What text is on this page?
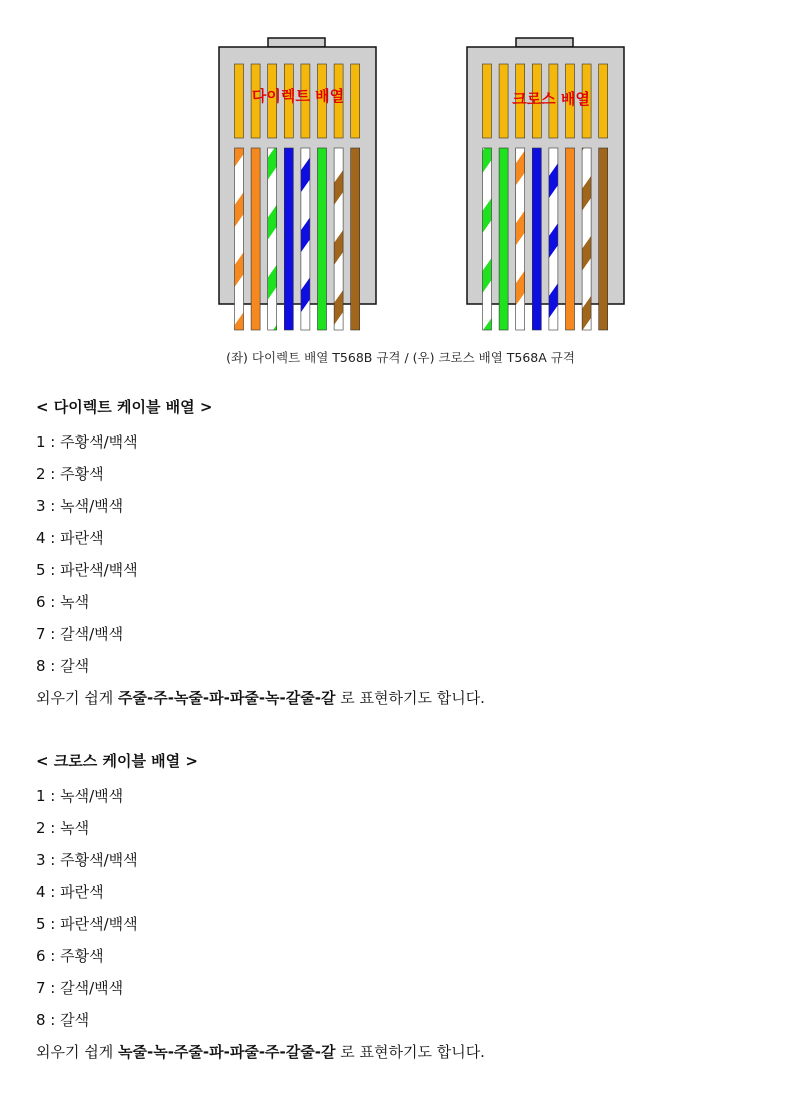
다이렉트 배열	크로스 배열
(좌) 다이렉트 배열 T568B 규격 / (우) 크로스 배열 T568A 규격
< 다이렉트 케이블 배열 >
1 : 주황색/백색
2 : 주황색
3 : 녹색/백색
4 : 파란색
5 : 파란색/백색
6 : 녹색
7 : 갈색/백색
8 : 갈색
외우기 쉽게 주줄-주-녹줄-파-파줄-녹-갈줄-갈 로 표현하기도 합니다.
< 크로스 케이블 배열 >
1 : 녹색/백색
2 : 녹색
3 : 주황색/백색
4 : 파란색
5 : 파란색/백색
6 : 주황색
7 : 갈색/백색
8 : 갈색
외우기 쉽게 녹줄-녹-주줄-파-파줄-주-갈줄-갈 로 표현하기도 합니다.
